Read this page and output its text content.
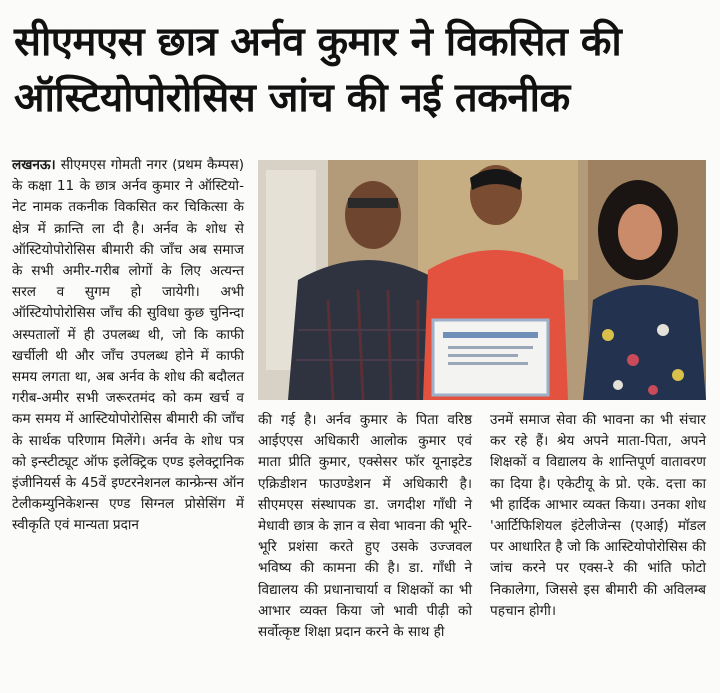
सीएमएस छात्र अर्नव कुमार ने विकसित की
ऑस्टियोपोरोसिस जांच की नई तकनीक

लखनऊ। सीएमएस गोमती नगर (प्रथम कैम्पस) के कक्षा 11 के छात्र अर्नव कुमार ने ऑस्टियो-नेट नामक तकनीक विकसित कर चिकित्सा के क्षेत्र में क्रान्ति ला दी है। अर्नव के शोध से ऑस्टियोपोरोसिस बीमारी की जाँच अब समाज के सभी अमीर-गरीब लोगों के लिए अत्यन्त सरल व सुगम हो जायेगी। अभी ऑस्टियोपोरोसिस जाँच की सुविधा कुछ चुनिन्दा अस्पतालों में ही उपलब्ध थी, जो कि काफी खर्चीली थी और जाँच उपलब्ध होने में काफी समय लगता था, अब अर्नव के शोध की बदौलत गरीब-अमीर सभी जरूरतमंद को कम खर्च व कम समय में आस्टियोपोरोसिस बीमारी की जाँच के सार्थक परिणाम मिलेंगे। अर्नव के शोध पत्र को इन्स्टीट्यूट ऑफ इलेक्ट्रिक एण्ड इलेक्ट्रानिक इंजीनियर्स के 45वें इण्टरनेशनल कान्फ्रेन्स ऑन टेलीकम्युनिकेशन्स एण्ड सिग्नल प्रोसेसिंग में स्वीकृति एवं मान्यता प्रदान

की गई है। अर्नव कुमार के पिता वरिष्ठ आईएएस अधिकारी आलोक कुमार एवं माता प्रीति कुमार, एक्सेसर फॉर यूनाइटेड एक्रिडीशन फाउण्डेशन में अधिकारी है। सीएमएस संस्थापक डा. जगदीश गाँधी ने मेधावी छात्र के ज्ञान व सेवा भावना की भूरि-भूरि प्रशंसा करते हुए उसके उज्जवल भविष्य की कामना की है। डा. गाँधी ने विद्यालय की प्रधानाचार्या व शिक्षकों का भी आभार व्यक्त किया जो भावी पीढ़ी को सर्वोत्कृष्ट शिक्षा प्रदान करने के साथ ही

उनमें समाज सेवा की भावना का भी संचार कर रहे हैं। श्रेय अपने माता-पिता, अपने शिक्षकों व विद्यालय के शान्तिपूर्ण वातावरण का दिया है। एकेटीयू के प्रो. एके. दत्ता का भी हार्दिक आभार व्यक्त किया। उनका शोध 'आर्टिफिशियल इंटेलीजेन्स (एआई) मॉडल पर आधारित है जो कि आस्टियोपोरोसिस की जांच करने पर एक्स-रे की भांति फोटो निकालेगा, जिससे इस बीमारी की अविलम्ब पहचान होगी।
